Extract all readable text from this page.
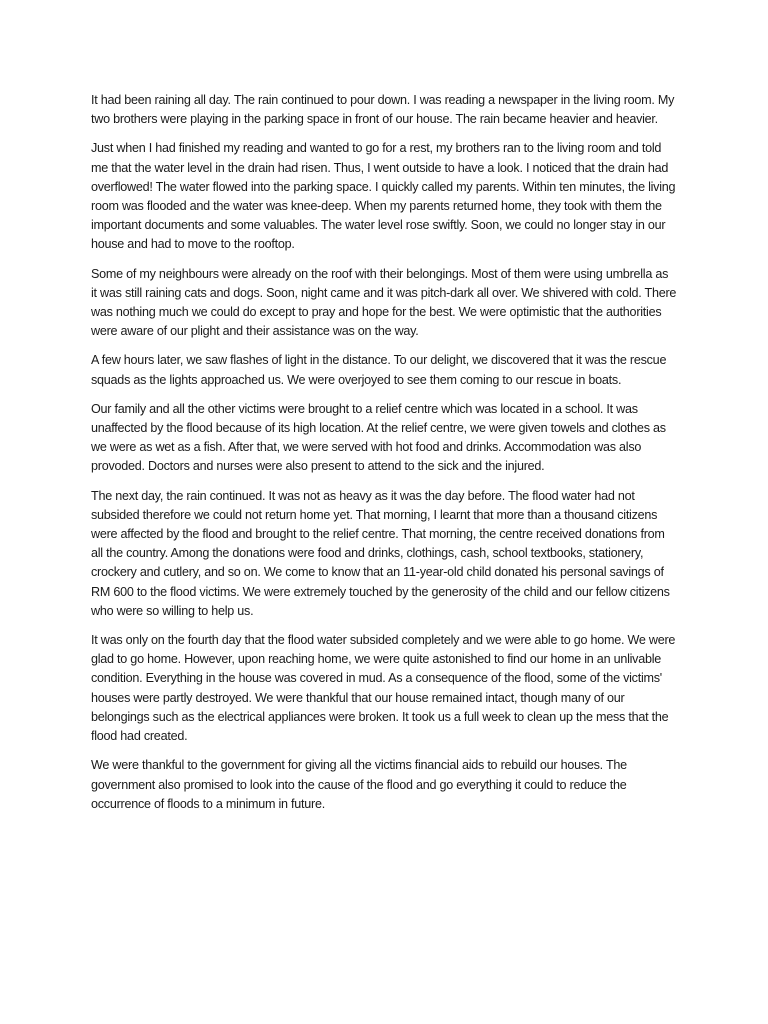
It had been raining all day. The rain continued to pour down. I was reading a newspaper in the living room. My two brothers were playing in the parking space in front of our house. The rain became heavier and heavier.

Just when I had finished my reading and wanted to go for a rest, my brothers ran to the living room and told me that the water level in the drain had risen. Thus, I went outside to have a look. I noticed that the drain had overflowed! The water flowed into the parking space. I quickly called my parents. Within ten minutes, the living room was flooded and the water was knee-deep. When my parents returned home, they took with them the important documents and some valuables. The water level rose swiftly. Soon, we could no longer stay in our house and had to move to the rooftop.

Some of my neighbours were already on the roof with their belongings. Most of them were using umbrella as it was still raining cats and dogs. Soon, night came and it was pitch-dark all over. We shivered with cold. There was nothing much we could do except to pray and hope for the best. We were optimistic that the authorities were aware of our plight and their assistance was on the way.

A few hours later, we saw flashes of light in the distance. To our delight, we discovered that it was the rescue squads as the lights approached us. We were overjoyed to see them coming to our rescue in boats.

Our family and all the other victims were brought to a relief centre which was located in a school. It was unaffected by the flood because of its high location. At the relief centre, we were given towels and clothes as we were as wet as a fish. After that, we were served with hot food and drinks. Accommodation was also provoded. Doctors and nurses were also present to attend to the sick and the injured.

The next day, the rain continued. It was not as heavy as it was the day before. The flood water had not subsided therefore we could not return home yet. That morning, I learnt that more than a thousand citizens were affected by the flood and brought to the relief centre. That morning, the centre received donations from all the country. Among the donations were food and drinks, clothings, cash, school textbooks, stationery, crockery and cutlery, and so on. We come to know that an 11-year-old child donated his personal savings of RM 600 to the flood victims. We were extremely touched by the generosity of the child and our fellow citizens who were so willing to help us.

It was only on the fourth day that the flood water subsided completely and we were able to go home. We were glad to go home. However, upon reaching home, we were quite astonished to find our home in an unlivable condition. Everything in the house was covered in mud. As a consequence of the flood, some of the victims' houses were partly destroyed. We were thankful that our house remained intact, though many of our belongings such as the electrical appliances were broken. It took us a full week to clean up the mess that the flood had created.

We were thankful to the government for giving all the victims financial aids to rebuild our houses. The government also promised to look into the cause of the flood and go everything it could to reduce the occurrence of floods to a minimum in future.
